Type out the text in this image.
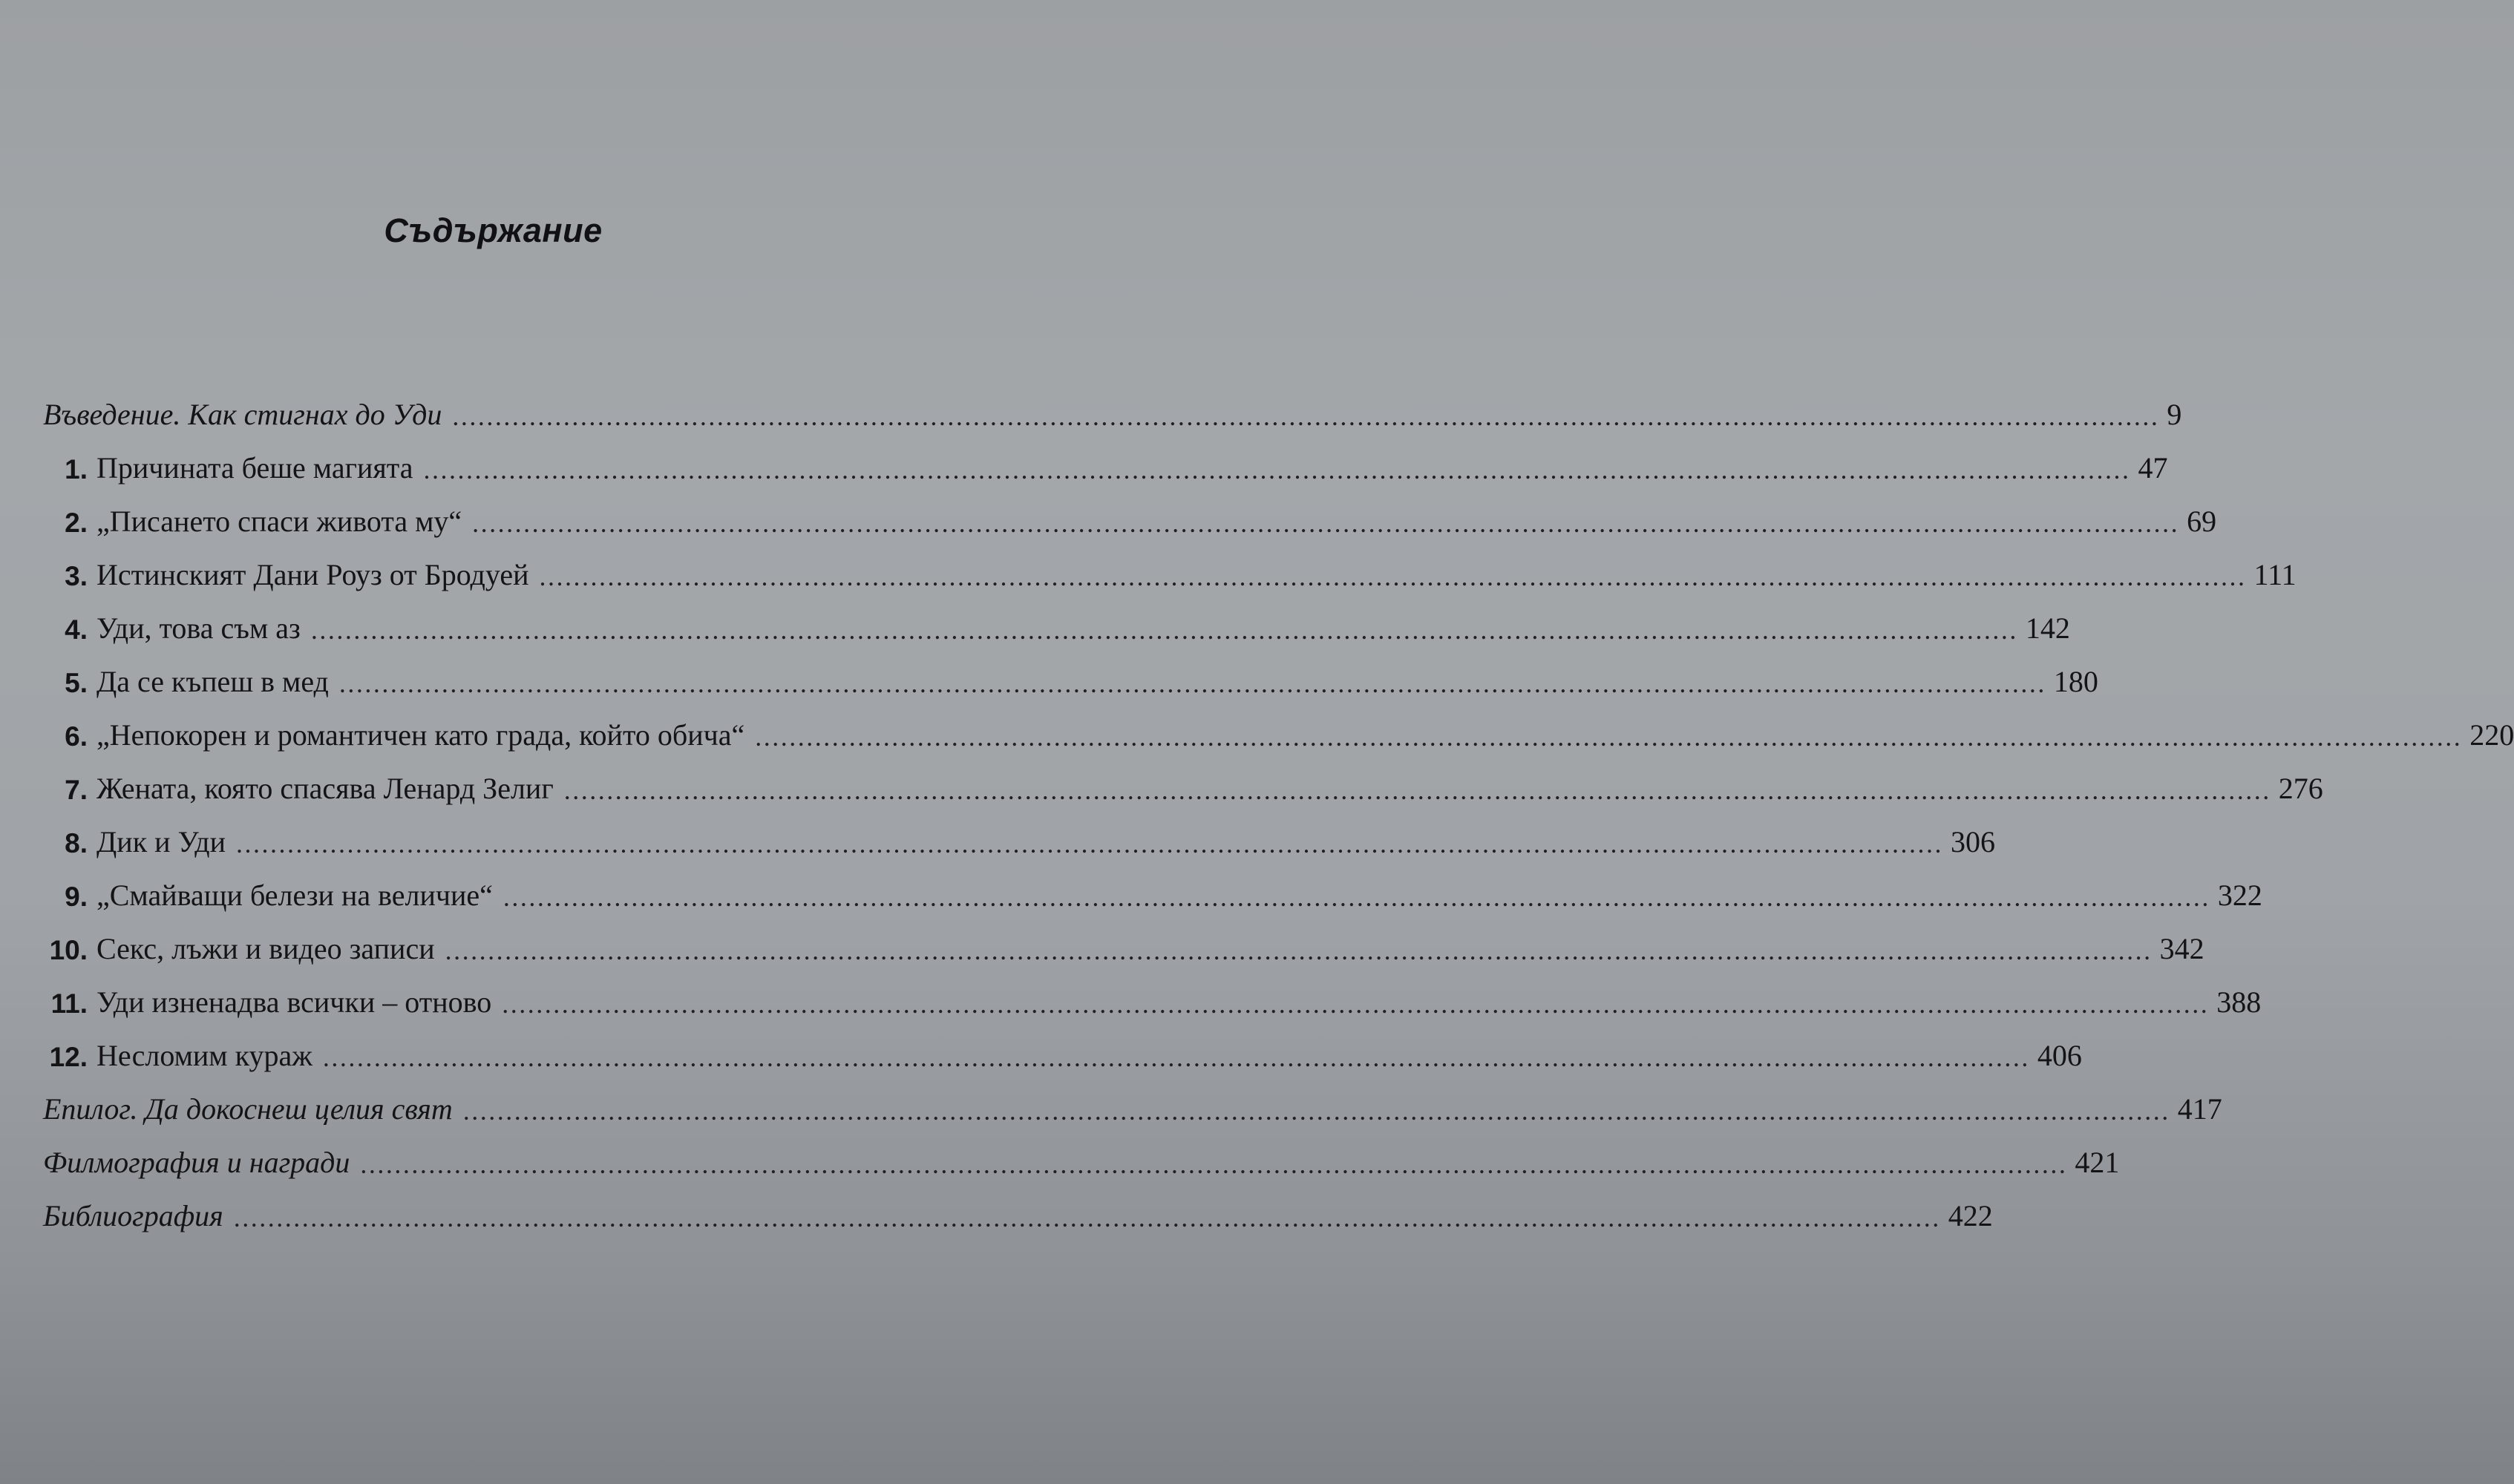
Съдържание
Въведение. Как стигнах до Уди ........................................................................................................................................................................................................ 9
1. Причината беше магията ........................................................................................................................................................................................................ 47
2. „Писането спаси живота му“ ........................................................................................................................................................................................................ 69
3. Истинският Дани Роуз от Бродуей ........................................................................................................................................................................................................ 111
4. Уди, това съм аз ........................................................................................................................................................................................................ 142
5. Да се къпеш в мед ........................................................................................................................................................................................................ 180
6. „Непокорен и романтичен като града, който обича“ ........................................................................................................................................................................................................ 220
7. Жената, която спасява Ленард Зелиг ........................................................................................................................................................................................................ 276
8. Дик и Уди ........................................................................................................................................................................................................ 306
9. „Смайващи белези на величие“ ........................................................................................................................................................................................................ 322
10. Секс, лъжи и видео записи ........................................................................................................................................................................................................ 342
11. Уди изненадва всички – отново ........................................................................................................................................................................................................ 388
12. Несломим кураж ........................................................................................................................................................................................................ 406
Епилог. Да докоснеш целия свят ........................................................................................................................................................................................................ 417
Филмография и награди ........................................................................................................................................................................................................ 421
Библиография ........................................................................................................................................................................................................ 422
